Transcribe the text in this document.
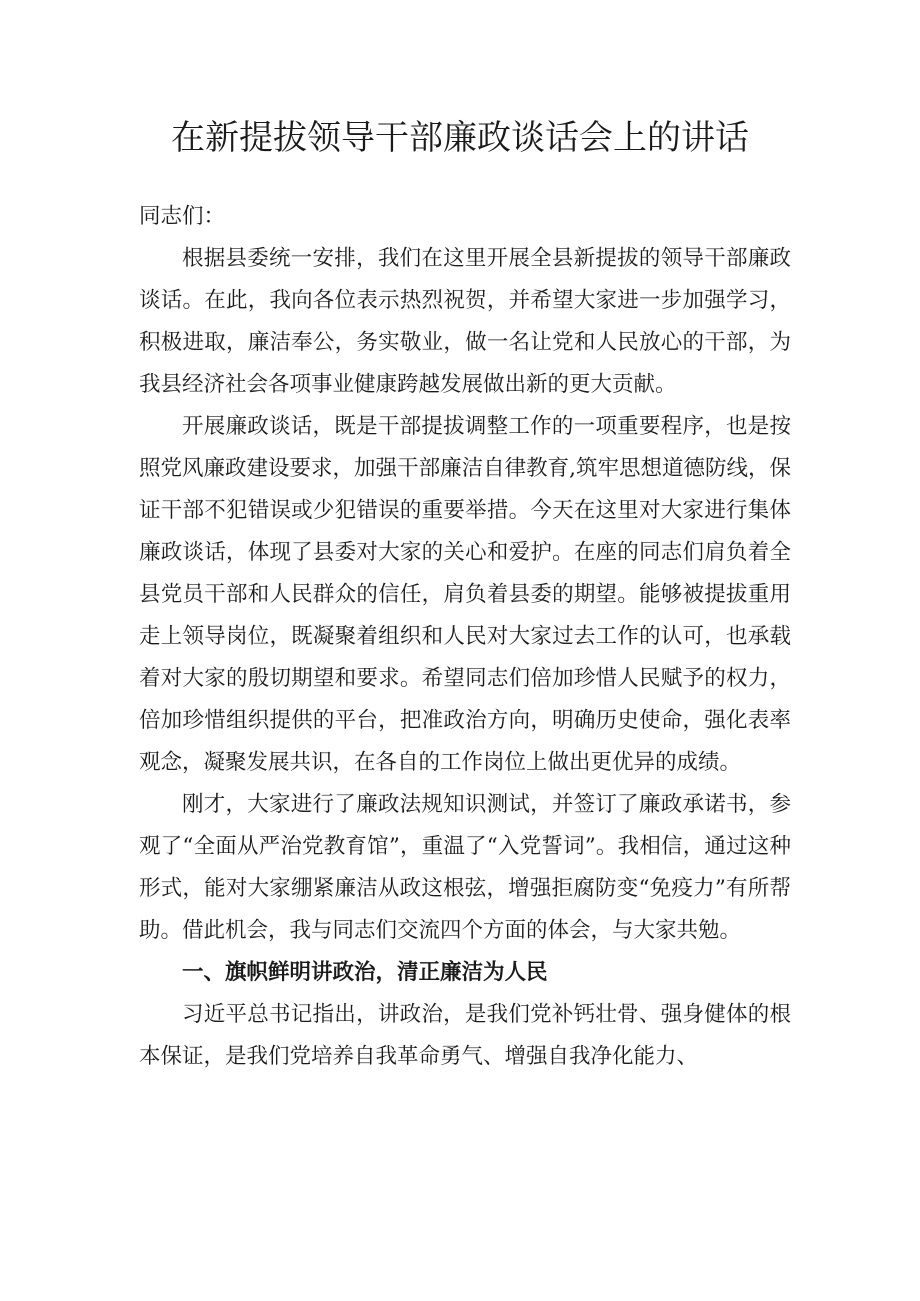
在新提拔领导干部廉政谈话会上的讲话

同志们：

根据县委统一安排，我们在这里开展全县新提拔的领导干部廉政谈话。在此，我向各位表示热烈祝贺，并希望大家进一步加强学习，积极进取，廉洁奉公，务实敬业，做一名让党和人民放心的干部，为我县经济社会各项事业健康跨越发展做出新的更大贡献。

开展廉政谈话，既是干部提拔调整工作的一项重要程序，也是按照党风廉政建设要求，加强干部廉洁自律教育,筑牢思想道德防线，保证干部不犯错误或少犯错误的重要举措。今天在这里对大家进行集体廉政谈话，体现了县委对大家的关心和爱护。在座的同志们肩负着全县党员干部和人民群众的信任，肩负着县委的期望。能够被提拔重用走上领导岗位，既凝聚着组织和人民对大家过去工作的认可，也承载着对大家的殷切期望和要求。希望同志们倍加珍惜人民赋予的权力，倍加珍惜组织提供的平台，把准政治方向，明确历史使命，强化表率观念，凝聚发展共识，在各自的工作岗位上做出更优异的成绩。

刚才，大家进行了廉政法规知识测试，并签订了廉政承诺书，参观了“全面从严治党教育馆”，重温了“入党誓词”。我相信，通过这种形式，能对大家绷紧廉洁从政这根弦，增强拒腐防变“免疫力”有所帮助。借此机会，我与同志们交流四个方面的体会，与大家共勉。

一、旗帜鲜明讲政治，清正廉洁为人民

习近平总书记指出，讲政治，是我们党补钙壮骨、强身健体的根本保证，是我们党培养自我革命勇气、增强自我净化能力、
